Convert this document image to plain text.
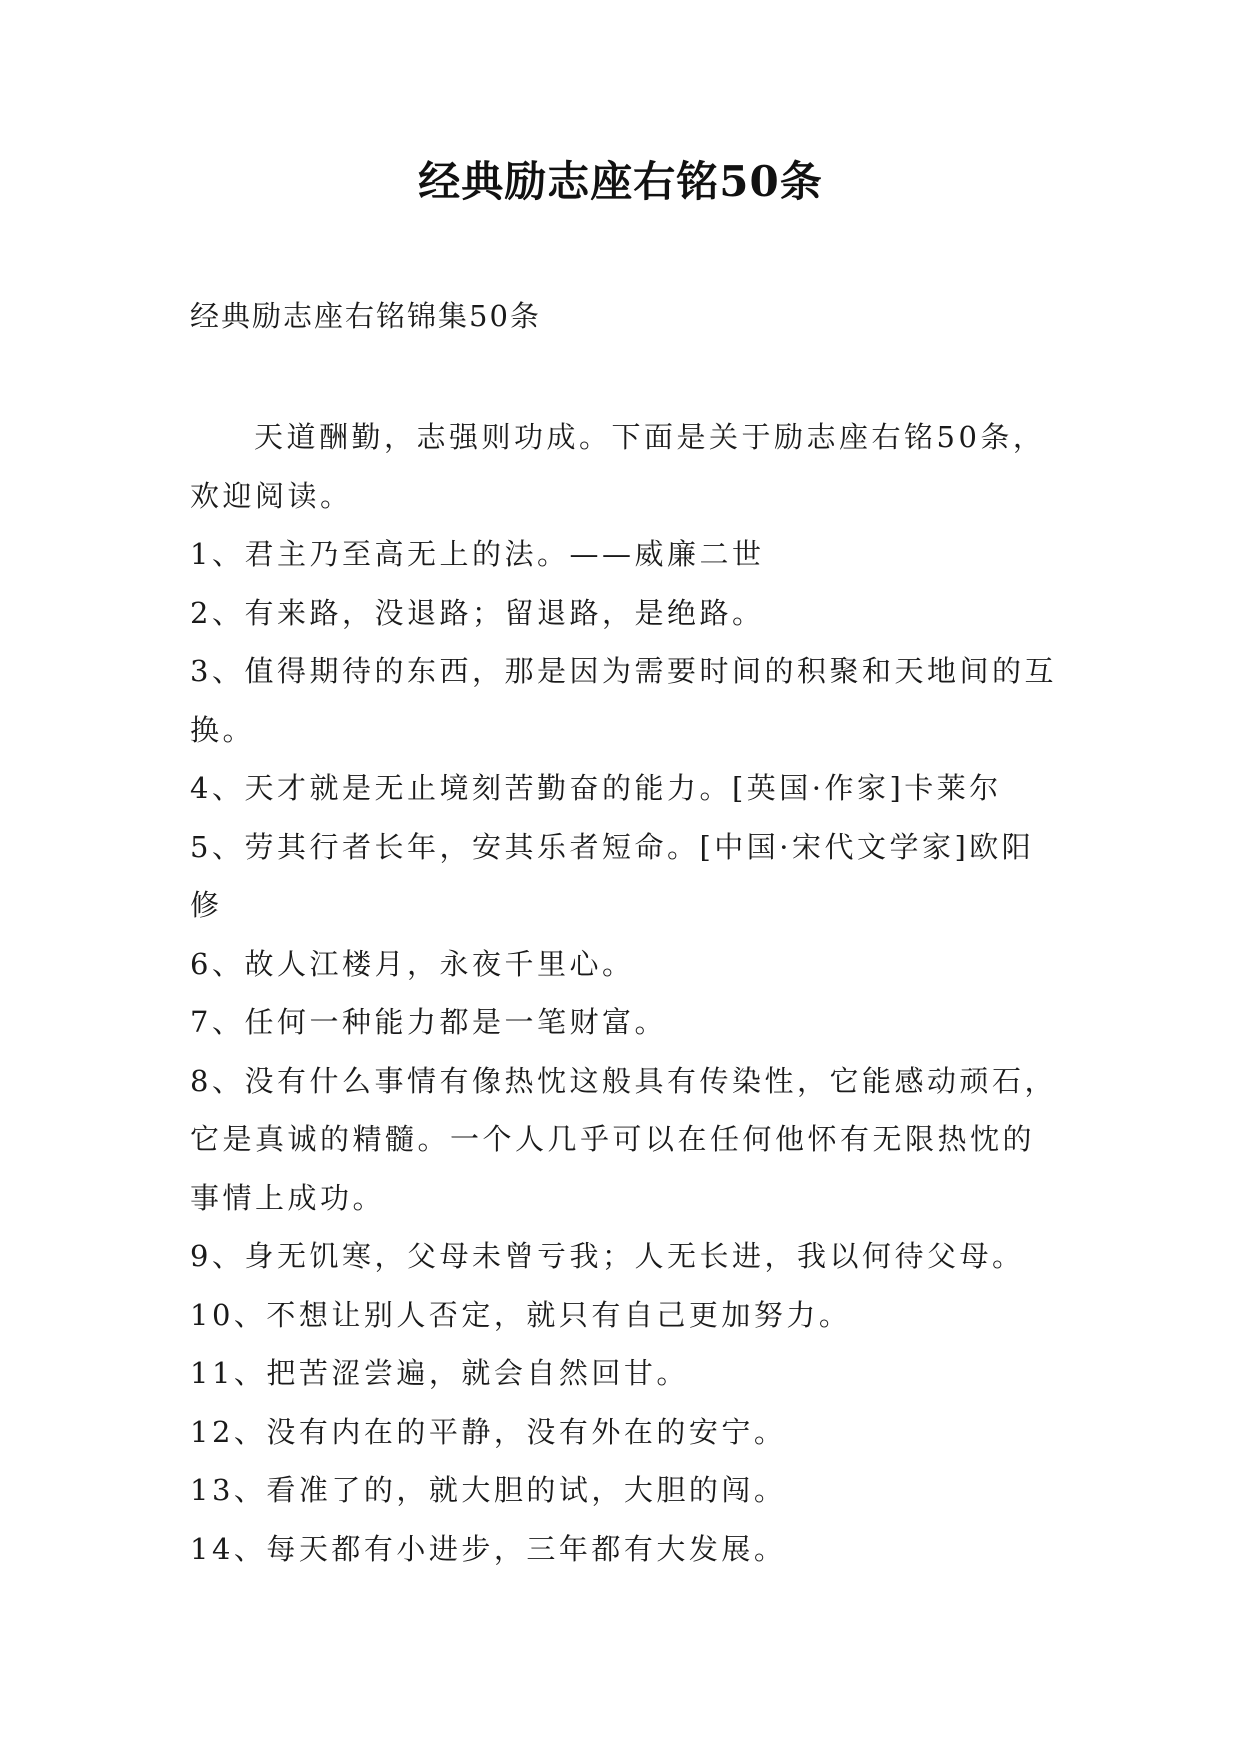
经典励志座右铭50条
经典励志座右铭锦集50条

天道酬勤，志强则功成。下面是关于励志座右铭50条，欢迎阅读。

1、君主乃至高无上的法。——威廉二世

2、有来路，没退路；留退路，是绝路。

3、值得期待的东西，那是因为需要时间的积聚和天地间的互换。

4、天才就是无止境刻苦勤奋的能力。[英国·作家]卡莱尔

5、劳其行者长年，安其乐者短命。[中国·宋代文学家]欧阳修

6、故人江楼月，永夜千里心。

7、任何一种能力都是一笔财富。

8、没有什么事情有像热忱这般具有传染性，它能感动顽石，它是真诚的精髓。一个人几乎可以在任何他怀有无限热忱的事情上成功。

9、身无饥寒，父母未曾亏我；人无长进，我以何待父母。

10、不想让别人否定，就只有自己更加努力。

11、把苦涩尝遍，就会自然回甘。

12、没有内在的平静，没有外在的安宁。

13、看准了的，就大胆的试，大胆的闯。

14、每天都有小进步，三年都有大发展。
